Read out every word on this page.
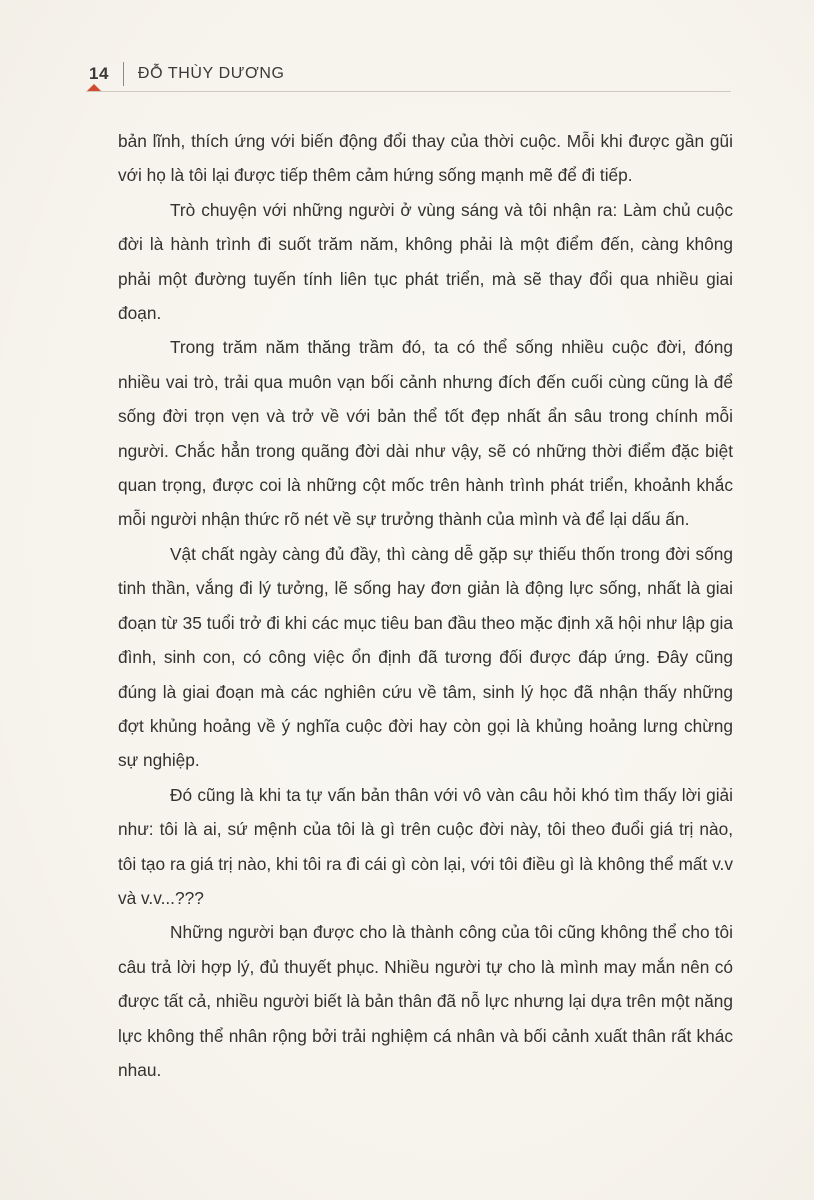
14 ĐỖ THÙY DƯƠNG

bản lĩnh, thích ứng với biến động đổi thay của thời cuộc. Mỗi khi được gần gũi với họ là tôi lại được tiếp thêm cảm hứng sống mạnh mẽ để đi tiếp.

Trò chuyện với những người ở vùng sáng và tôi nhận ra: Làm chủ cuộc đời là hành trình đi suốt trăm năm, không phải là một điểm đến, càng không phải một đường tuyến tính liên tục phát triển, mà sẽ thay đổi qua nhiều giai đoạn.

Trong trăm năm thăng trầm đó, ta có thể sống nhiều cuộc đời, đóng nhiều vai trò, trải qua muôn vạn bối cảnh nhưng đích đến cuối cùng cũng là để sống đời trọn vẹn và trở về với bản thể tốt đẹp nhất ẩn sâu trong chính mỗi người. Chắc hẳn trong quãng đời dài như vậy, sẽ có những thời điểm đặc biệt quan trọng, được coi là những cột mốc trên hành trình phát triển, khoảnh khắc mỗi người nhận thức rõ nét về sự trưởng thành của mình và để lại dấu ấn.

Vật chất ngày càng đủ đầy, thì càng dễ gặp sự thiếu thốn trong đời sống tinh thần, vắng đi lý tưởng, lẽ sống hay đơn giản là động lực sống, nhất là giai đoạn từ 35 tuổi trở đi khi các mục tiêu ban đầu theo mặc định xã hội như lập gia đình, sinh con, có công việc ổn định đã tương đối được đáp ứng. Đây cũng đúng là giai đoạn mà các nghiên cứu về tâm, sinh lý học đã nhận thấy những đợt khủng hoảng về ý nghĩa cuộc đời hay còn gọi là khủng hoảng lưng chừng sự nghiệp.

Đó cũng là khi ta tự vấn bản thân với vô vàn câu hỏi khó tìm thấy lời giải như: tôi là ai, sứ mệnh của tôi là gì trên cuộc đời này, tôi theo đuổi giá trị nào, tôi tạo ra giá trị nào, khi tôi ra đi cái gì còn lại, với tôi điều gì là không thể mất v.v và v.v...???

Những người bạn được cho là thành công của tôi cũng không thể cho tôi câu trả lời hợp lý, đủ thuyết phục. Nhiều người tự cho là mình may mắn nên có được tất cả, nhiều người biết là bản thân đã nỗ lực nhưng lại dựa trên một năng lực không thể nhân rộng bởi trải nghiệm cá nhân và bối cảnh xuất thân rất khác nhau.
